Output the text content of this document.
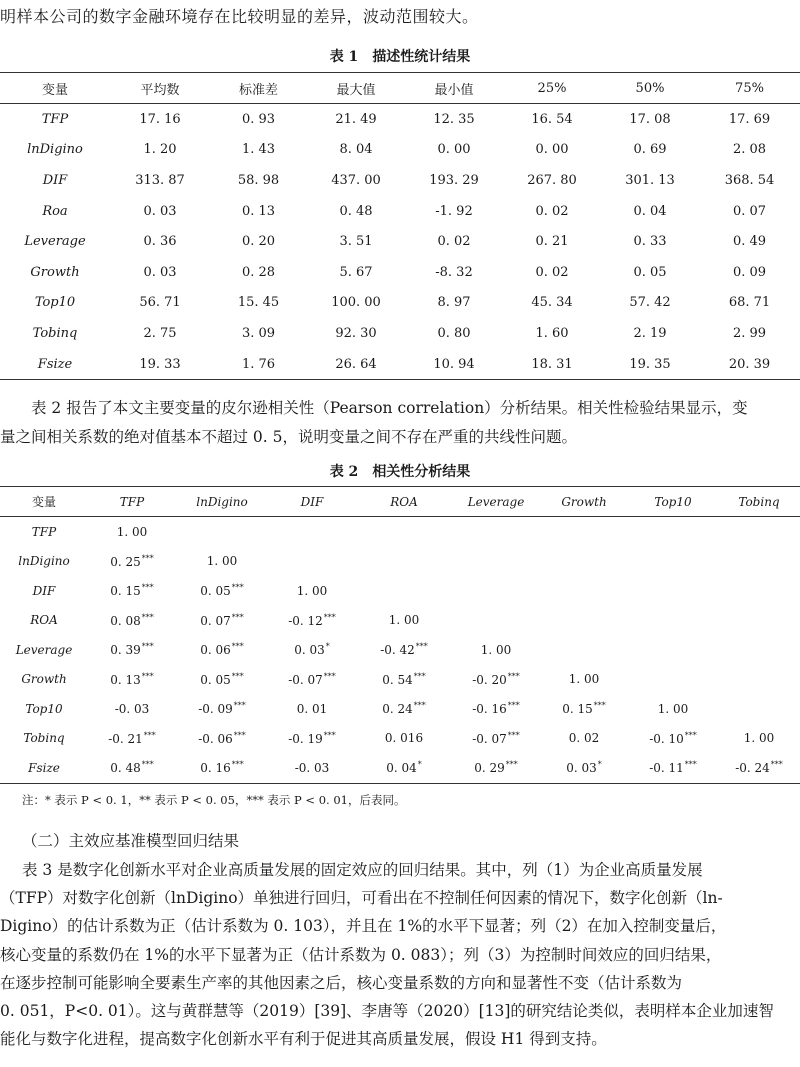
明样本公司的数字金融环境存在比较明显的差异，波动范围较大。
表 1 描述性统计结果
变量	平均数	标准差	最大值	最小值	25%	50%	75%
TFP	17. 16	0. 93	21. 49	12. 35	16. 54	17. 08	17. 69
lnDigino	1. 20	1. 43	8. 04	0. 00	0. 00	0. 69	2. 08
DIF	313. 87	58. 98	437. 00	193. 29	267. 80	301. 13	368. 54
Roa	0. 03	0. 13	0. 48	-1. 92	0. 02	0. 04	0. 07
Leverage	0. 36	0. 20	3. 51	0. 02	0. 21	0. 33	0. 49
Growth	0. 03	0. 28	5. 67	-8. 32	0. 02	0. 05	0. 09
Top10	56. 71	15. 45	100. 00	8. 97	45. 34	57. 42	68. 71
Tobinq	2. 75	3. 09	92. 30	0. 80	1. 60	2. 19	2. 99
Fsize	19. 33	1. 76	26. 64	10. 94	18. 31	19. 35	20. 39

表 2 报告了本文主要变量的皮尔逊相关性（Pearson correlation）分析结果。相关性检验结果显示，变

量之间相关系数的绝对值基本不超过 0. 5，说明变量之间不存在严重的共线性问题。

表 2 相关性分析结果
变量	TFP	lnDigino	DIF	ROA	Leverage	Growth	Top10	Tobinq
TFP	1. 00							
lnDigino	0. 25***	1. 00						
DIF	0. 15***	0. 05***	1. 00					
ROA	0. 08***	0. 07***	-0. 12***	1. 00				
Leverage	0. 39***	0. 06***	0. 03*	-0. 42***	1. 00			
Growth	0. 13***	0. 05***	-0. 07***	0. 54***	-0. 20***	1. 00		
Top10	-0. 03	-0. 09***	0. 01	0. 24***	-0. 16***	0. 15***	1. 00	
Tobinq	-0. 21***	-0. 06***	-0. 19***	0. 016	-0. 07***	0. 02	-0. 10***	1. 00
Fsize	0. 48***	0. 16***	-0. 03	0. 04*	0. 29***	0. 03*	-0. 11***	-0. 24***
注：* 表示 P < 0. 1，** 表示 P < 0. 05，*** 表示 P < 0. 01，后表同。
（二）主效应基准模型回归结果

表 3 是数字化创新水平对企业高质量发展的固定效应的回归结果。其中，列（1）为企业高质量发展

（TFP）对数字化创新（lnDigino）单独进行回归，可看出在不控制任何因素的情况下，数字化创新（ln-

Digino）的估计系数为正（估计系数为 0. 103），并且在 1%的水平下显著；列（2）在加入控制变量后，

核心变量的系数仍在 1%的水平下显著为正（估计系数为 0. 083）；列（3）为控制时间效应的回归结果，

在逐步控制可能影响全要素生产率的其他因素之后，核心变量系数的方向和显著性不变（估计系数为

0. 051，P<0. 01）。这与黄群慧等（2019）[39]、李唐等（2020）[13]的研究结论类似，表明样本企业加速智

能化与数字化进程，提高数字化创新水平有利于促进其高质量发展，假设 H1 得到支持。
